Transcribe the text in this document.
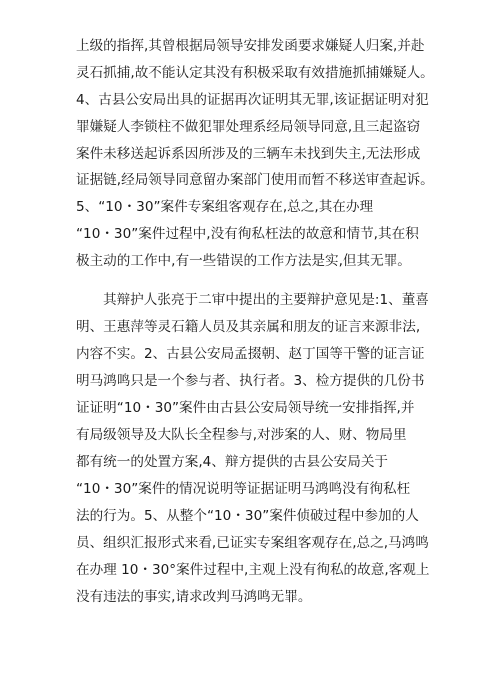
上级的指挥,其曾根据局领导安排发函要求嫌疑人归案,并赴
灵石抓捕,故不能认定其没有积极采取有效措施抓捕嫌疑人。
4、古县公安局出具的证据再次证明其无罪,该证据证明对犯
罪嫌疑人李锁柱不做犯罪处理系经局领导同意,且三起盗窃
案件未移送起诉系因所涉及的三辆车未找到失主,无法形成
证据链,经局领导同意留办案部门使用而暂不移送审查起诉。
5、“10・30”案件专案组客观存在,总之,其在办理
“10・30”案件过程中,没有徇私枉法的故意和情节,其在积
极主动的工作中,有一些错误的工作方法是实,但其无罪。
其辩护人张亮于二审中提出的主要辩护意见是:1、董喜
明、王惠萍等灵石籍人员及其亲属和朋友的证言来源非法,
内容不实。2、古县公安局孟掇朝、赵丁国等干警的证言证
明马鸿鸣只是一个参与者、执行者。3、检方提供的几份书
证证明“10・30”案件由古县公安局领导统一安排指挥,并
有局级领导及大队长全程参与,对涉案的人、财、物局里
都有统一的处置方案,4、辩方提供的古县公安局关于
“10・30”案件的情况说明等证据证明马鸿鸣没有徇私枉
法的行为。5、从整个“10・30”案件侦破过程中参加的人
员、组织汇报形式来看,已证实专案组客观存在,总之,马鸿鸣
在办理 10・30°案件过程中,主观上没有徇私的故意,客观上
没有违法的事实,请求改判马鸿鸣无罪。
